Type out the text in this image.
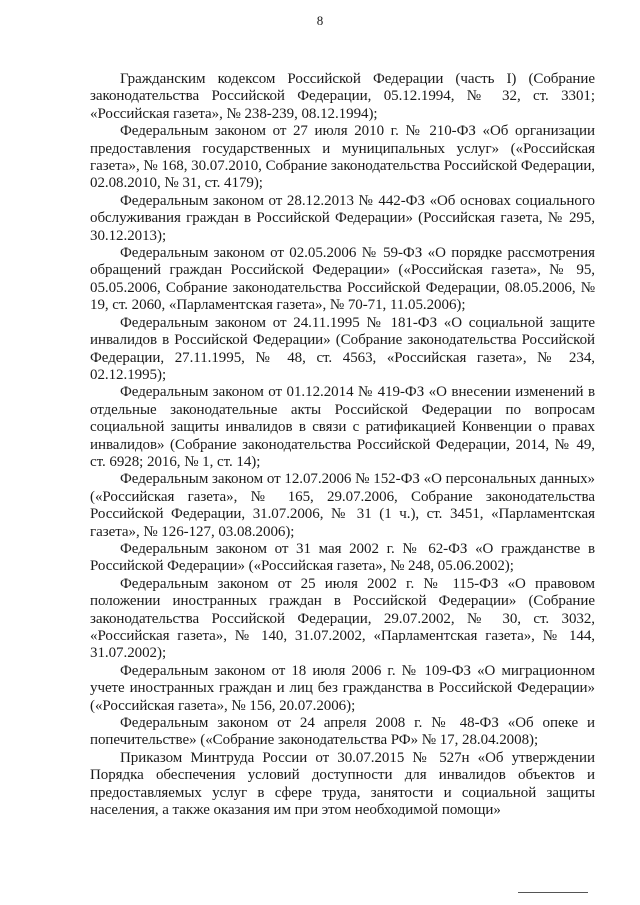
8

Гражданским кодексом Российской Федерации (часть I) (Собрание законодательства Российской Федерации, 05.12.1994, № 32, ст. 3301; «Российская газета», № 238-239, 08.12.1994);

Федеральным законом от 27 июля 2010 г. № 210-ФЗ «Об организации предоставления государственных и муниципальных услуг» («Российская газета», № 168, 30.07.2010, Собрание законодательства Российской Федерации, 02.08.2010, № 31, ст. 4179);

Федеральным законом от 28.12.2013 № 442-ФЗ «Об основах социального обслуживания граждан в Российской Федерации» (Российская газета, № 295, 30.12.2013);

Федеральным законом от 02.05.2006 № 59-ФЗ «О порядке рассмотрения обращений граждан Российской Федерации» («Российская газета», № 95, 05.05.2006, Собрание законодательства Российской Федерации, 08.05.2006, № 19, ст. 2060, «Парламентская газета», № 70-71, 11.05.2006);

Федеральным законом от 24.11.1995 № 181-ФЗ «О социальной защите инвалидов в Российской Федерации» (Собрание законодательства Российской Федерации, 27.11.1995, № 48, ст. 4563, «Российская газета», № 234, 02.12.1995);

Федеральным законом от 01.12.2014 № 419-ФЗ «О внесении изменений в отдельные законодательные акты Российской Федерации по вопросам социальной защиты инвалидов в связи с ратификацией Конвенции о правах инвалидов» (Собрание законодательства Российской Федерации, 2014, № 49, ст. 6928; 2016, № 1, ст. 14);

Федеральным законом от 12.07.2006 № 152-ФЗ «О персональных данных» («Российская газета», № 165, 29.07.2006, Собрание законодательства Российской Федерации, 31.07.2006, № 31 (1 ч.), ст. 3451, «Парламентская газета», № 126-127, 03.08.2006);

Федеральным законом от 31 мая 2002 г. № 62-ФЗ «О гражданстве в Российской Федерации» («Российская газета», № 248, 05.06.2002);

Федеральным законом от 25 июля 2002 г. № 115-ФЗ «О правовом положении иностранных граждан в Российской Федерации» (Собрание законодательства Российской Федерации, 29.07.2002, № 30, ст. 3032, «Российская газета», № 140, 31.07.2002, «Парламентская газета», № 144, 31.07.2002);

Федеральным законом от 18 июля 2006 г. № 109-ФЗ «О миграционном учете иностранных граждан и лиц без гражданства в Российской Федерации» («Российская газета», № 156, 20.07.2006);

Федеральным законом от 24 апреля 2008 г. № 48-ФЗ «Об опеке и попечительстве» («Собрание законодательства РФ» № 17, 28.04.2008);

Приказом Минтруда России от 30.07.2015 № 527н «Об утверждении Порядка обеспечения условий доступности для инвалидов объектов и предоставляемых услуг в сфере труда, занятости и социальной защиты населения, а также оказания им при этом необходимой помощи»
